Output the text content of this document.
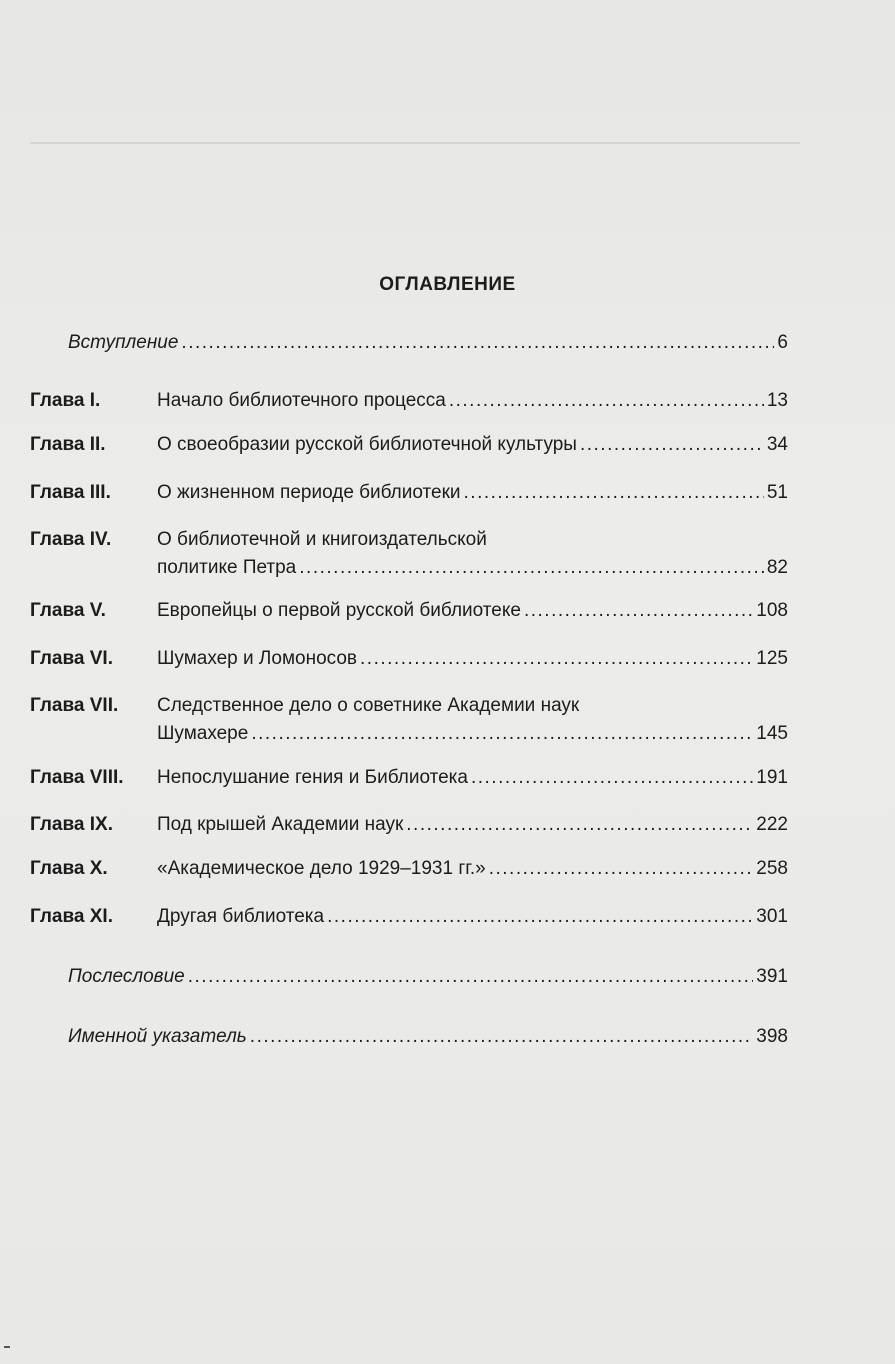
ОГЛАВЛЕНИЕ
Вступление .....	6
Глава I.	Начало библиотечного процесса .....	13
Глава II.	О своеобразии русской библиотечной культуры .....	34
Глава III. О жизненном периоде библиотеки .....	51
Глава IV. О библиотечной и книгоиздательской
политике Петра .....	82
Глава V.	Европейцы о первой русской библиотеке .....	108
Глава VI. Шумахер и Ломоносов .....	125
Глава VII. Следственное дело о советнике Академии наук
Шумахере .....	145
Глава VIII. Непослушание гения и Библиотека .....	191
Глава IX. Под крышей Академии наук .....	222
Глава X.	«Академическое дело 1929–1931 гг.» .....	258
Глава XI. Другая библиотека .....	301
Послесловие .....	391
Именной указатель .....	398
